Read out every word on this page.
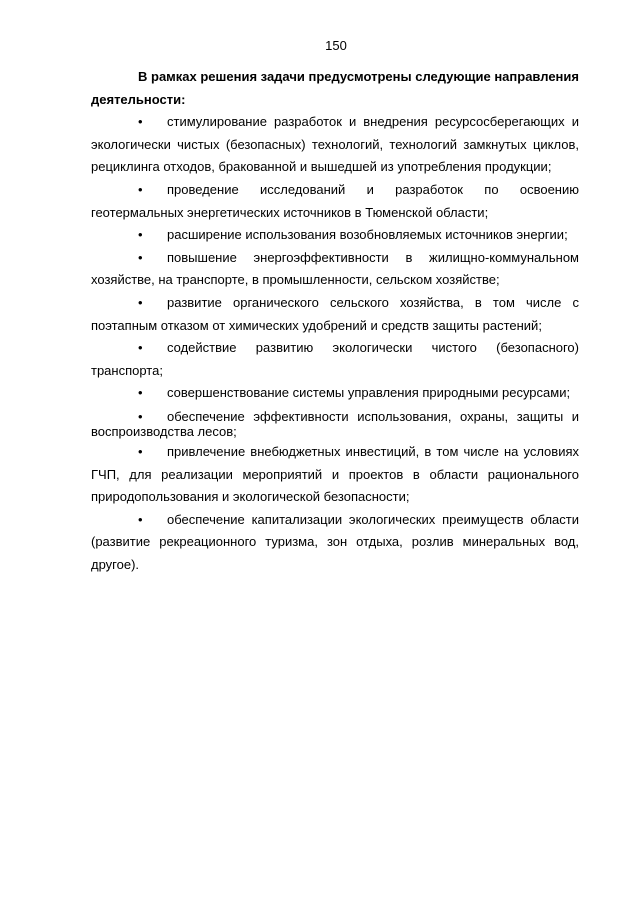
150

В рамках решения задачи предусмотрены следующие направления деятельности:

• стимулирование разработок и внедрения ресурсосберегающих и экологически чистых (безопасных) технологий, технологий замкнутых циклов, рециклинга отходов, бракованной и вышедшей из употребления продукции;

• проведение исследований и разработок по освоению геотермальных энергетических источников в Тюменской области;

• расширение использования возобновляемых источников энергии;

• повышение энергоэффективности в жилищно-коммунальном хозяйстве, на транспорте, в промышленности, сельском хозяйстве;

• развитие органического сельского хозяйства, в том числе с поэтапным отказом от химических удобрений и средств защиты растений;

• содействие развитию экологически чистого (безопасного) транспорта;

• совершенствование системы управления природными ресурсами;

• обеспечение эффективности использования, охраны, защиты и воспроизводства лесов;

• привлечение внебюджетных инвестиций, в том числе на условиях ГЧП, для реализации мероприятий и проектов в области рационального природопользования и экологической безопасности;

• обеспечение капитализации экологических преимуществ области (развитие рекреационного туризма, зон отдыха, розлив минеральных вод, другое).
